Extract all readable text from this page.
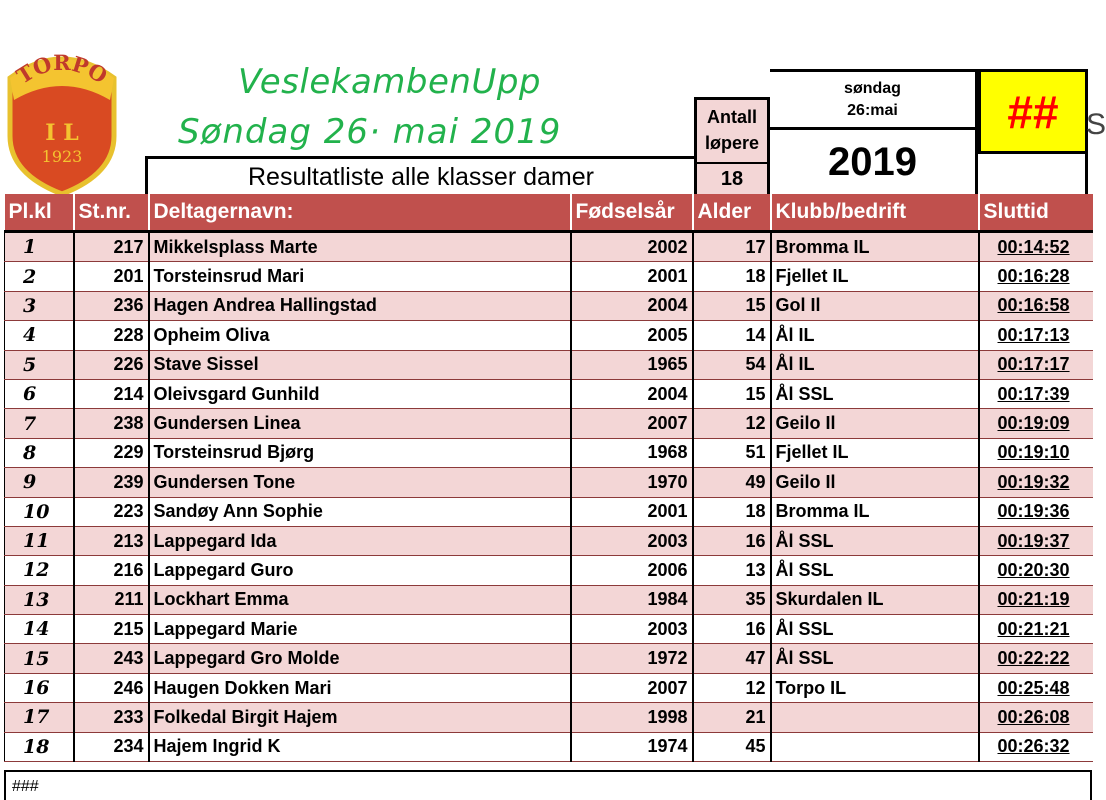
TORPO
I L
1923
VeslekambenUpp
Søndag 26· mai 2019
Resultatliste alle klasser damer
Antall løpere
18
søndag
26:mai
2019
## S
Pl.kl	St.nr.	Deltagernavn:	Fødselsår	Alder	Klubb/bedrift	Sluttid
1	217	Mikkelsplass Marte	2002	17	Bromma IL	00:14:52
2	201	Torsteinsrud Mari	2001	18	Fjellet IL	00:16:28
3	236	Hagen Andrea Hallingstad	2004	15	Gol Il	00:16:58
4	228	Opheim Oliva	2005	14	Ål IL	00:17:13
5	226	Stave Sissel	1965	54	Ål IL	00:17:17
6	214	Oleivsgard Gunhild	2004	15	Ål SSL	00:17:39
7	238	Gundersen Linea	2007	12	Geilo Il	00:19:09
8	229	Torsteinsrud Bjørg	1968	51	Fjellet IL	00:19:10
9	239	Gundersen Tone	1970	49	Geilo Il	00:19:32
10	223	Sandøy Ann Sophie	2001	18	Bromma IL	00:19:36
11	213	Lappegard Ida	2003	16	Ål SSL	00:19:37
12	216	Lappegard Guro	2006	13	Ål SSL	00:20:30
13	211	Lockhart Emma	1984	35	Skurdalen IL	00:21:19
14	215	Lappegard Marie	2003	16	Ål SSL	00:21:21
15	243	Lappegard Gro Molde	1972	47	Ål SSL	00:22:22
16	246	Haugen Dokken Mari	2007	12	Torpo IL	00:25:48
17	233	Folkedal Birgit Hajem	1998	21		00:26:08
18	234	Hajem Ingrid K	1974	45		00:26:32
###
